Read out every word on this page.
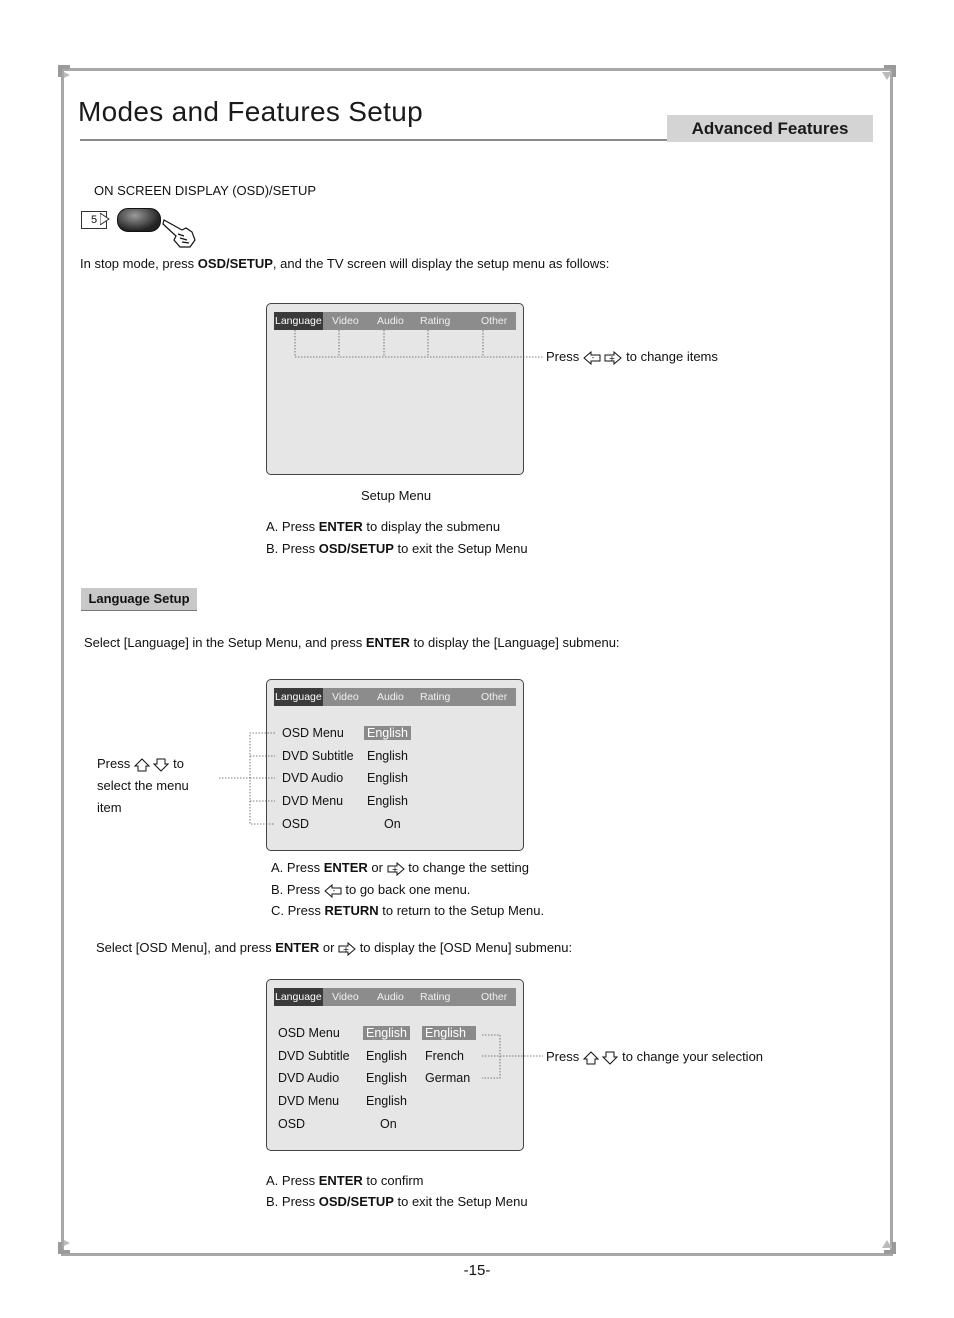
Modes and Features Setup
Advanced Features
ON SCREEN DISPLAY (OSD)/SETUP
5
In stop mode, press OSD/SETUP, and the TV screen will display the setup menu as follows:
Language Video Audio Rating	Other
Setup Menu
Press -
+ to change items
A. Press ENTER to display the submenu
B. Press OSD/SETUP to exit the Setup Menu
Language Setup
Select [Language] in the Setup Menu, and press ENTER to display the [Language] submenu:
Language Video Audio Rating	Other
OSD Menu English
DVD Subtitle English
DVD Audio English
DVD Menu English
OSD	On
Press	to
select the menu
item
A. Press ENTER or + to change the setting
B. Press - to go back one menu.
C. Press RETURN to return to the Setup Menu.
Select [OSD Menu], and press ENTER or + to display the [OSD Menu] submenu:
Language Video Audio Rating	Other
OSD Menu English English
DVD Subtitle English French
DVD Audio English German
DVD Menu English
OSD	On
Press	to change your selection
A. Press ENTER to confirm
B. Press OSD/SETUP to exit the Setup Menu
-15-
